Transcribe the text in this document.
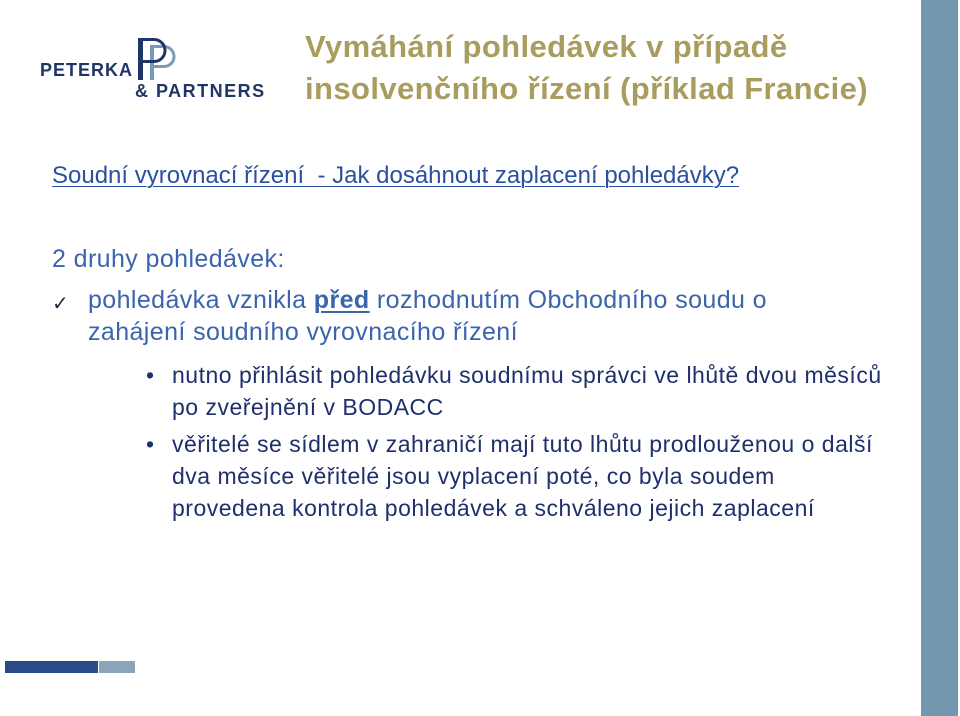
PETERKA
& PARTNERS
Vymáhání pohledávek v případě
insolvenčního řízení (příklad Francie)
Soudní vyrovnací řízení  - Jak dosáhnout zaplacení pohledávky?
2 druhy pohledávek:
✓
pohledávka vznikla před rozhodnutím Obchodního soudu o
zahájení soudního vyrovnacího řízení
•
nutno přihlásit pohledávku soudnímu správci ve lhůtě dvou měsíců
po zveřejnění v BODACC
•
věřitelé se sídlem v zahraničí mají tuto lhůtu prodlouženou o další
dva měsíce věřitelé jsou vyplacení poté, co byla soudem
provedena kontrola pohledávek a schváleno jejich zaplacení
